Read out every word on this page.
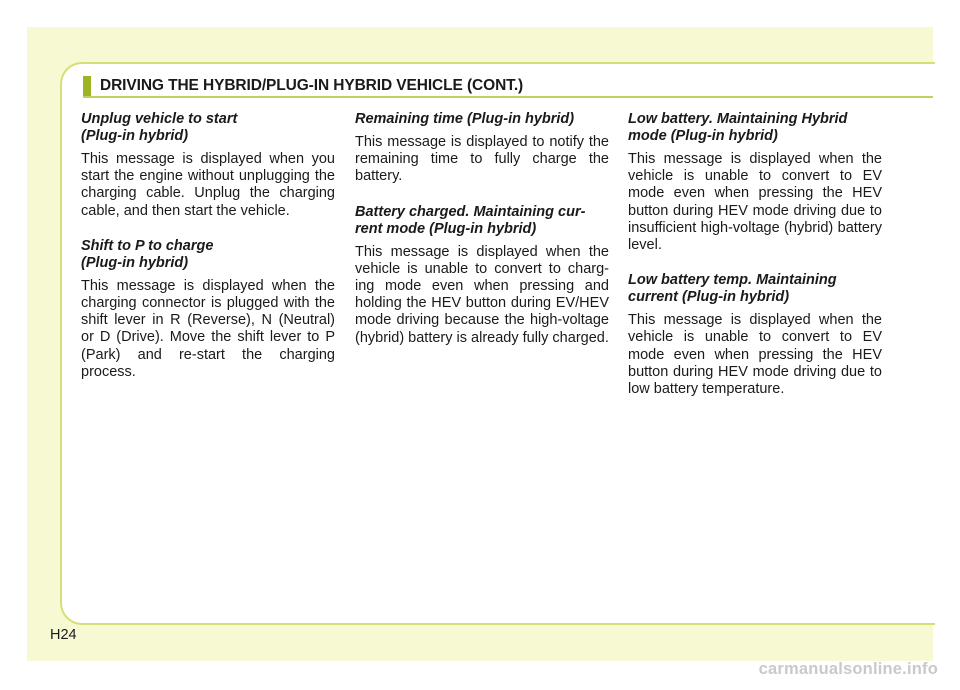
DRIVING THE HYBRID/PLUG-IN HYBRID VEHICLE (CONT.)
Unplug vehicle to start
(Plug-in hybrid)

This message is displayed when you start the engine without unplugging the charging cable. Unplug the charging cable, and then start the vehicle.

Shift to P to charge
(Plug-in hybrid)

This message is displayed when the charging connector is plugged with the shift lever in R (Reverse), N (Neutral) or D (Drive). Move the shift lever to P (Park) and re-start the charging process.

Remaining time (Plug-in hybrid)

This message is displayed to notify the remaining time to fully charge the battery.

Battery charged. Maintaining cur-
rent mode (Plug-in hybrid)

This message is displayed when the vehicle is unable to convert to charg-ing mode even when pressing and holding the HEV button during EV/HEV mode driving because the high-voltage (hybrid) battery is already fully charged.

Low battery. Maintaining Hybrid
mode (Plug-in hybrid)

This message is displayed when the vehicle is unable to convert to EV mode even when pressing the HEV button during HEV mode driving due to insufficient high-voltage (hybrid) battery level.

Low battery temp. Maintaining
current (Plug-in hybrid)

This message is displayed when the vehicle is unable to convert to EV mode even when pressing the HEV button during HEV mode driving due to low battery temperature.

H24
carmanualsonline.info
